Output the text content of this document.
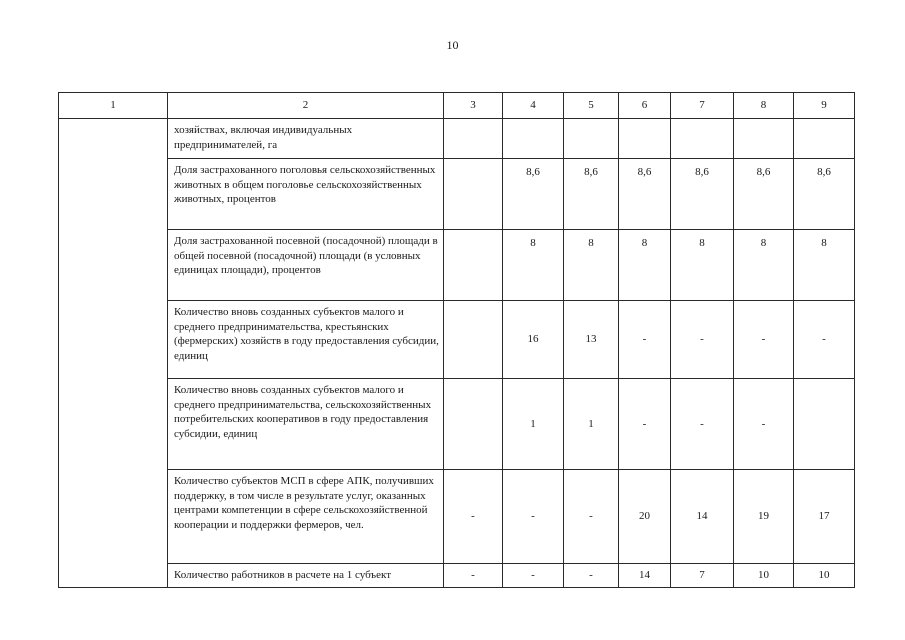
10
1	2	3	4	5	6	7	8	9
	хозяйствах, включая индивидуальных предпринимателей, га							
	Доля застрахованного поголовья сельскохозяйственных животных в общем поголовье сельскохозяйственных животных, процентов		8,6	8,6	8,6	8,6	8,6	8,6
	Доля застрахованной посевной (посадочной) площади в общей посевной (посадочной) площади (в условных единицах площади), процентов		8	8	8	8	8	8
	Количество вновь созданных субъектов малого и среднего предпринимательства, крестьянских (фермерских) хозяйств в году предоставления субсидии, единиц		16	13	-	-	-	-
	Количество вновь созданных субъектов малого и среднего предпринимательства, сельскохозяйственных потребительских кооперативов в году предоставления субсидии, единиц		1	1	-	-	-	
	Количество субъектов МСП в сфере АПК, получивших поддержку, в том числе в результате услуг, оказанных центрами компетенции в сфере сельскохозяйственной кооперации и поддержки фермеров, чел.	-	-	-	20	14	19	17
	Количество работников в расчете на 1 субъект	-	-	-	14	7	10	10
